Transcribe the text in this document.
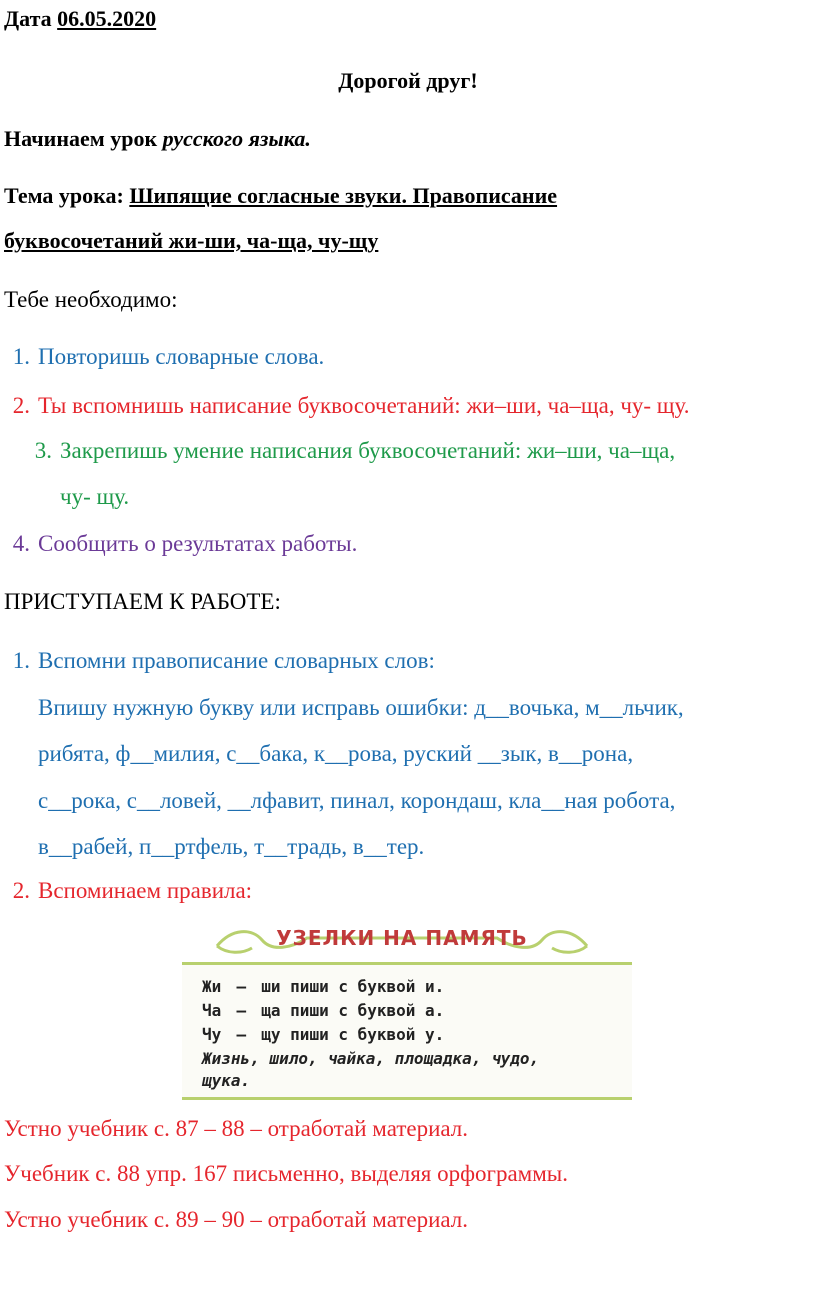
Дата 06.05.2020
Дорогой друг!
Начинаем урок русского языка.
Тема урока: Шипящие согласные звуки. Правописание
буквосочетаний жи-ши, ча-ща, чу-щу
Тебе необходимо:
1. Повторишь словарные слова.
2. Ты вспомнишь написание буквосочетаний: жи–ши, ча–ща, чу- щу.
3. Закрепишь умение написания буквосочетаний: жи–ши, ча–ща,
чу- щу.
4. Сообщить о результатах работы.
ПРИСТУПАЕМ К РАБОТЕ:
1. Вспомни правописание словарных слов:
Впишу нужную букву или исправь ошибки: д__вочька, м__льчик,
рибята, ф__милия, с__бака, к__рова, руский __зык, в__рона,
с__рока, с__ловей, __лфавит, пинал, корондаш, кла__ная робота,
в__рабей, п__ртфель, т__традь, в__тер.
2. Вспоминаем правила:
УЗЕЛКИ НА ПАМЯТЬ
Жи — ши пиши с буквой и.
Ча — ща пиши с буквой а.
Чу — щу пиши с буквой у.
Жизнь, шило, чайка, площадка, чудо,
щука.
Устно учебник с. 87 – 88 – отработай материал.
Учебник с. 88 упр. 167 письменно, выделяя орфограммы.
Устно учебник с. 89 – 90 – отработай материал.
